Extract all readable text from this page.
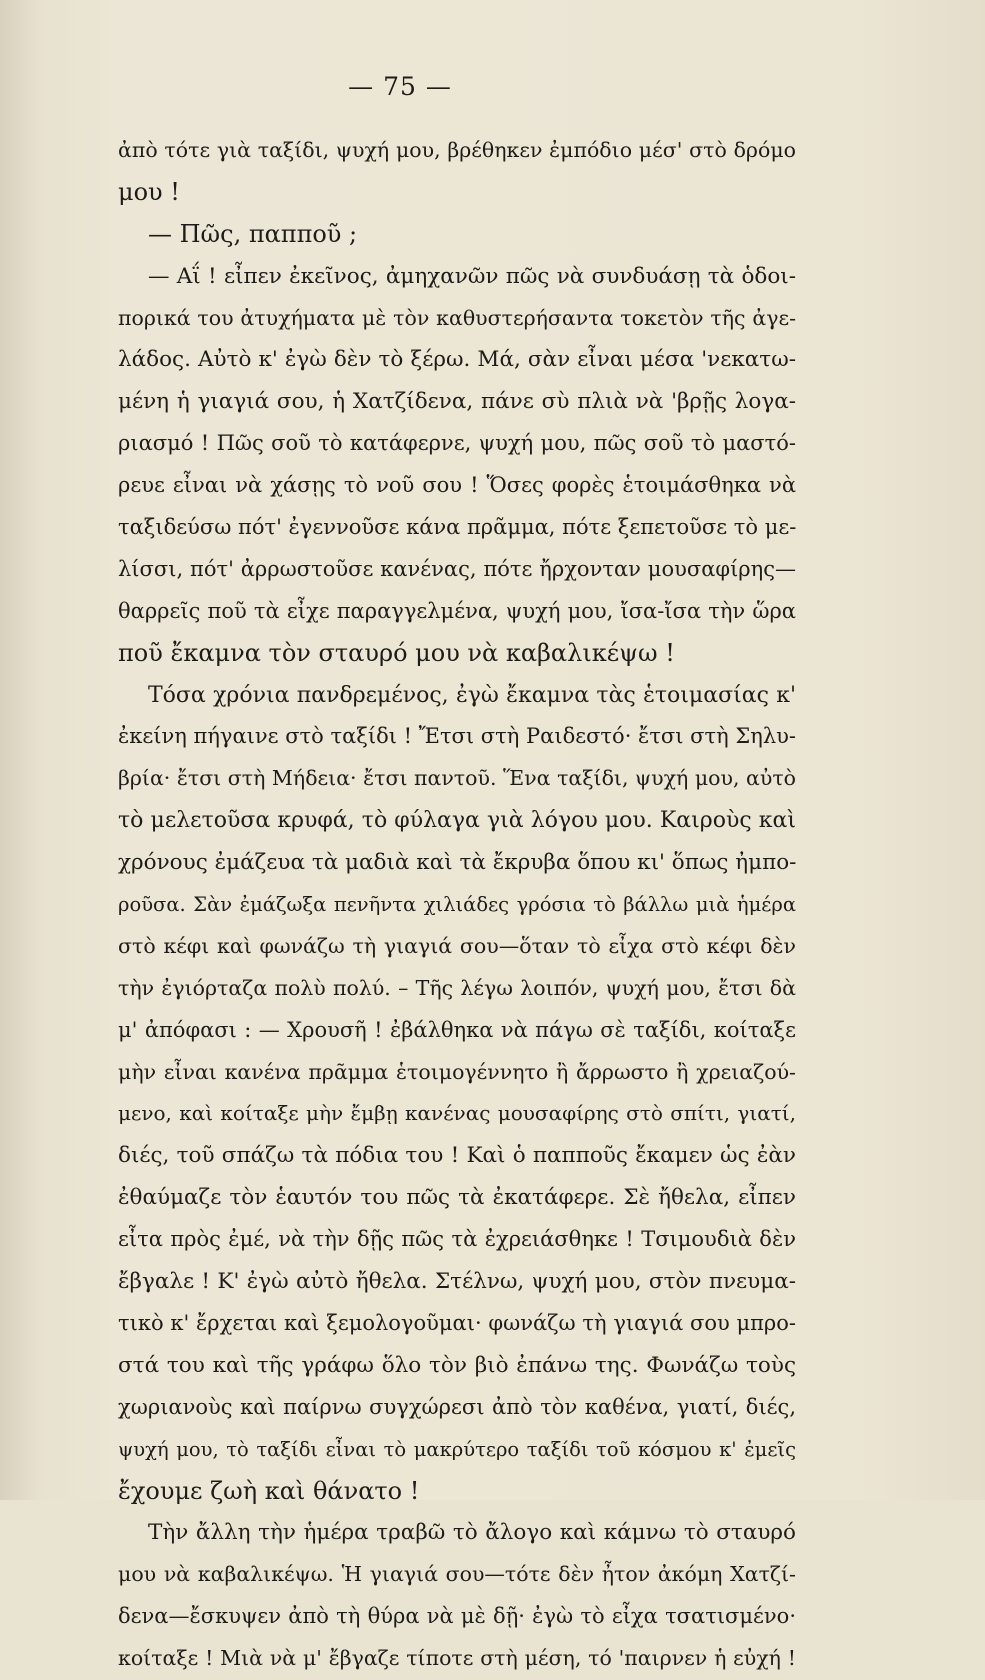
— 75 —
ἀπὸ τότε γιὰ ταξίδι, ψυχή μου, βρέθηκεν ἐμπόδιο μέσ' στὸ δρόμο
μου !
— Πῶς, παπποῦ ;
— Αΐ ! εἶπεν ἐκεῖνος, ἀμηχανῶν πῶς νὰ συνδυάσῃ τὰ ὁδοι-
πορικά του ἀτυχήματα μὲ τὸν καθυστερήσαντα τοκετὸν τῆς ἀγε-
λάδος. Αὐτὸ κ' ἐγὼ δὲν τὸ ξέρω. Μά, σὰν εἶναι μέσα 'νεκατω-
μένη ἡ γιαγιά σου, ἡ Χατζίδενα, πάνε σὺ πλιὰ νὰ 'βρῇς λογα-
ριασμό ! Πῶς σοῦ τὸ κατάφερνε, ψυχή μου, πῶς σοῦ τὸ μαστό-
ρευε εἶναι νὰ χάσῃς τὸ νοῦ σου ! Ὅσες φορὲς ἑτοιμάσθηκα νὰ
ταξιδεύσω πότ' ἐγεννοῦσε κάνα πρᾶμμα, πότε ξεπετοῦσε τὸ με-
λίσσι, πότ' ἀρρωστοῦσε κανένας, πότε ἤρχονταν μουσαφίρης—
θαρρεῖς ποῦ τὰ εἶχε παραγγελμένα, ψυχή μου, ἴσα-ἴσα τὴν ὥρα
ποῦ ἔκαμνα τὸν σταυρό μου νὰ καβαλικέψω !
Τόσα χρόνια πανδρεμένος, ἐγὼ ἔκαμνα τὰς ἑτοιμασίας κ'
ἐκείνη πήγαινε στὸ ταξίδι ! Ἔτσι στὴ Ραιδεστό· ἔτσι στὴ Σηλυ-
βρία· ἔτσι στὴ Μήδεια· ἔτσι παντοῦ. Ἕνα ταξίδι, ψυχή μου, αὐτὸ
τὸ μελετοῦσα κρυφά, τὸ φύλαγα γιὰ λόγου μου. Καιροὺς καὶ
χρόνους ἐμάζευα τὰ μαδιὰ καὶ τὰ ἔκρυβα ὅπου κι' ὅπως ἠμπο-
ροῦσα. Σὰν ἐμάζωξα πενῆντα χιλιάδες γρόσια τὸ βάλλω μιὰ ἡμέρα
στὸ κέφι καὶ φωνάζω τὴ γιαγιά σου—ὅταν τὸ εἶχα στὸ κέφι δὲν
τὴν ἐγιόρταζα πολὺ πολύ. – Τῆς λέγω λοιπόν, ψυχή μου, ἔτσι δὰ
μ' ἀπόφασι : — Χρουσῆ ! ἐβάλθηκα νὰ πάγω σὲ ταξίδι, κοίταξε
μὴν εἶναι κανένα πρᾶμμα ἑτοιμογέννητο ἢ ἄρρωστο ἢ χρειαζού-
μενο, καὶ κοίταξε μὴν ἔμβῃ κανένας μουσαφίρης στὸ σπίτι, γιατί,
διές, τοῦ σπάζω τὰ πόδια του ! Καὶ ὁ παπποῦς ἔκαμεν ὡς ἐὰν
ἐθαύμαζε τὸν ἑαυτόν του πῶς τὰ ἐκατάφερε. Σὲ ἤθελα, εἶπεν
εἶτα πρὸς ἐμέ, νὰ τὴν δῇς πῶς τὰ ἐχρειάσθηκε ! Τσιμουδιὰ δὲν
ἔβγαλε ! Κ' ἐγὼ αὐτὸ ἤθελα. Στέλνω, ψυχή μου, στὸν πνευμα-
τικὸ κ' ἔρχεται καὶ ξεμολογοῦμαι· φωνάζω τὴ γιαγιά σου μπρο-
στά του καὶ τῆς γράφω ὅλο τὸν βιὸ ἐπάνω της. Φωνάζω τοὺς
χωριανοὺς καὶ παίρνω συγχώρεσι ἀπὸ τὸν καθένα, γιατί, διές,
ψυχή μου, τὸ ταξίδι εἶναι τὸ μακρύτερο ταξίδι τοῦ κόσμου κ' ἐμεῖς
ἔχουμε ζωὴ καὶ θάνατο !
Τὴν ἄλλη τὴν ἡμέρα τραβῶ τὸ ἄλογο καὶ κάμνω τὸ σταυρό
μου νὰ καβαλικέψω. Ἡ γιαγιά σου—τότε δὲν ἦτον ἀκόμη Χατζί-
δενα—ἔσκυψεν ἀπὸ τὴ θύρα νὰ μὲ δῇ· ἐγὼ τὸ εἶχα τσατισμένο·
κοίταξε ! Μιὰ νὰ μ' ἔβγαζε τίποτε στὴ μέση, τό 'παιρνεν ἡ εὐχή !
